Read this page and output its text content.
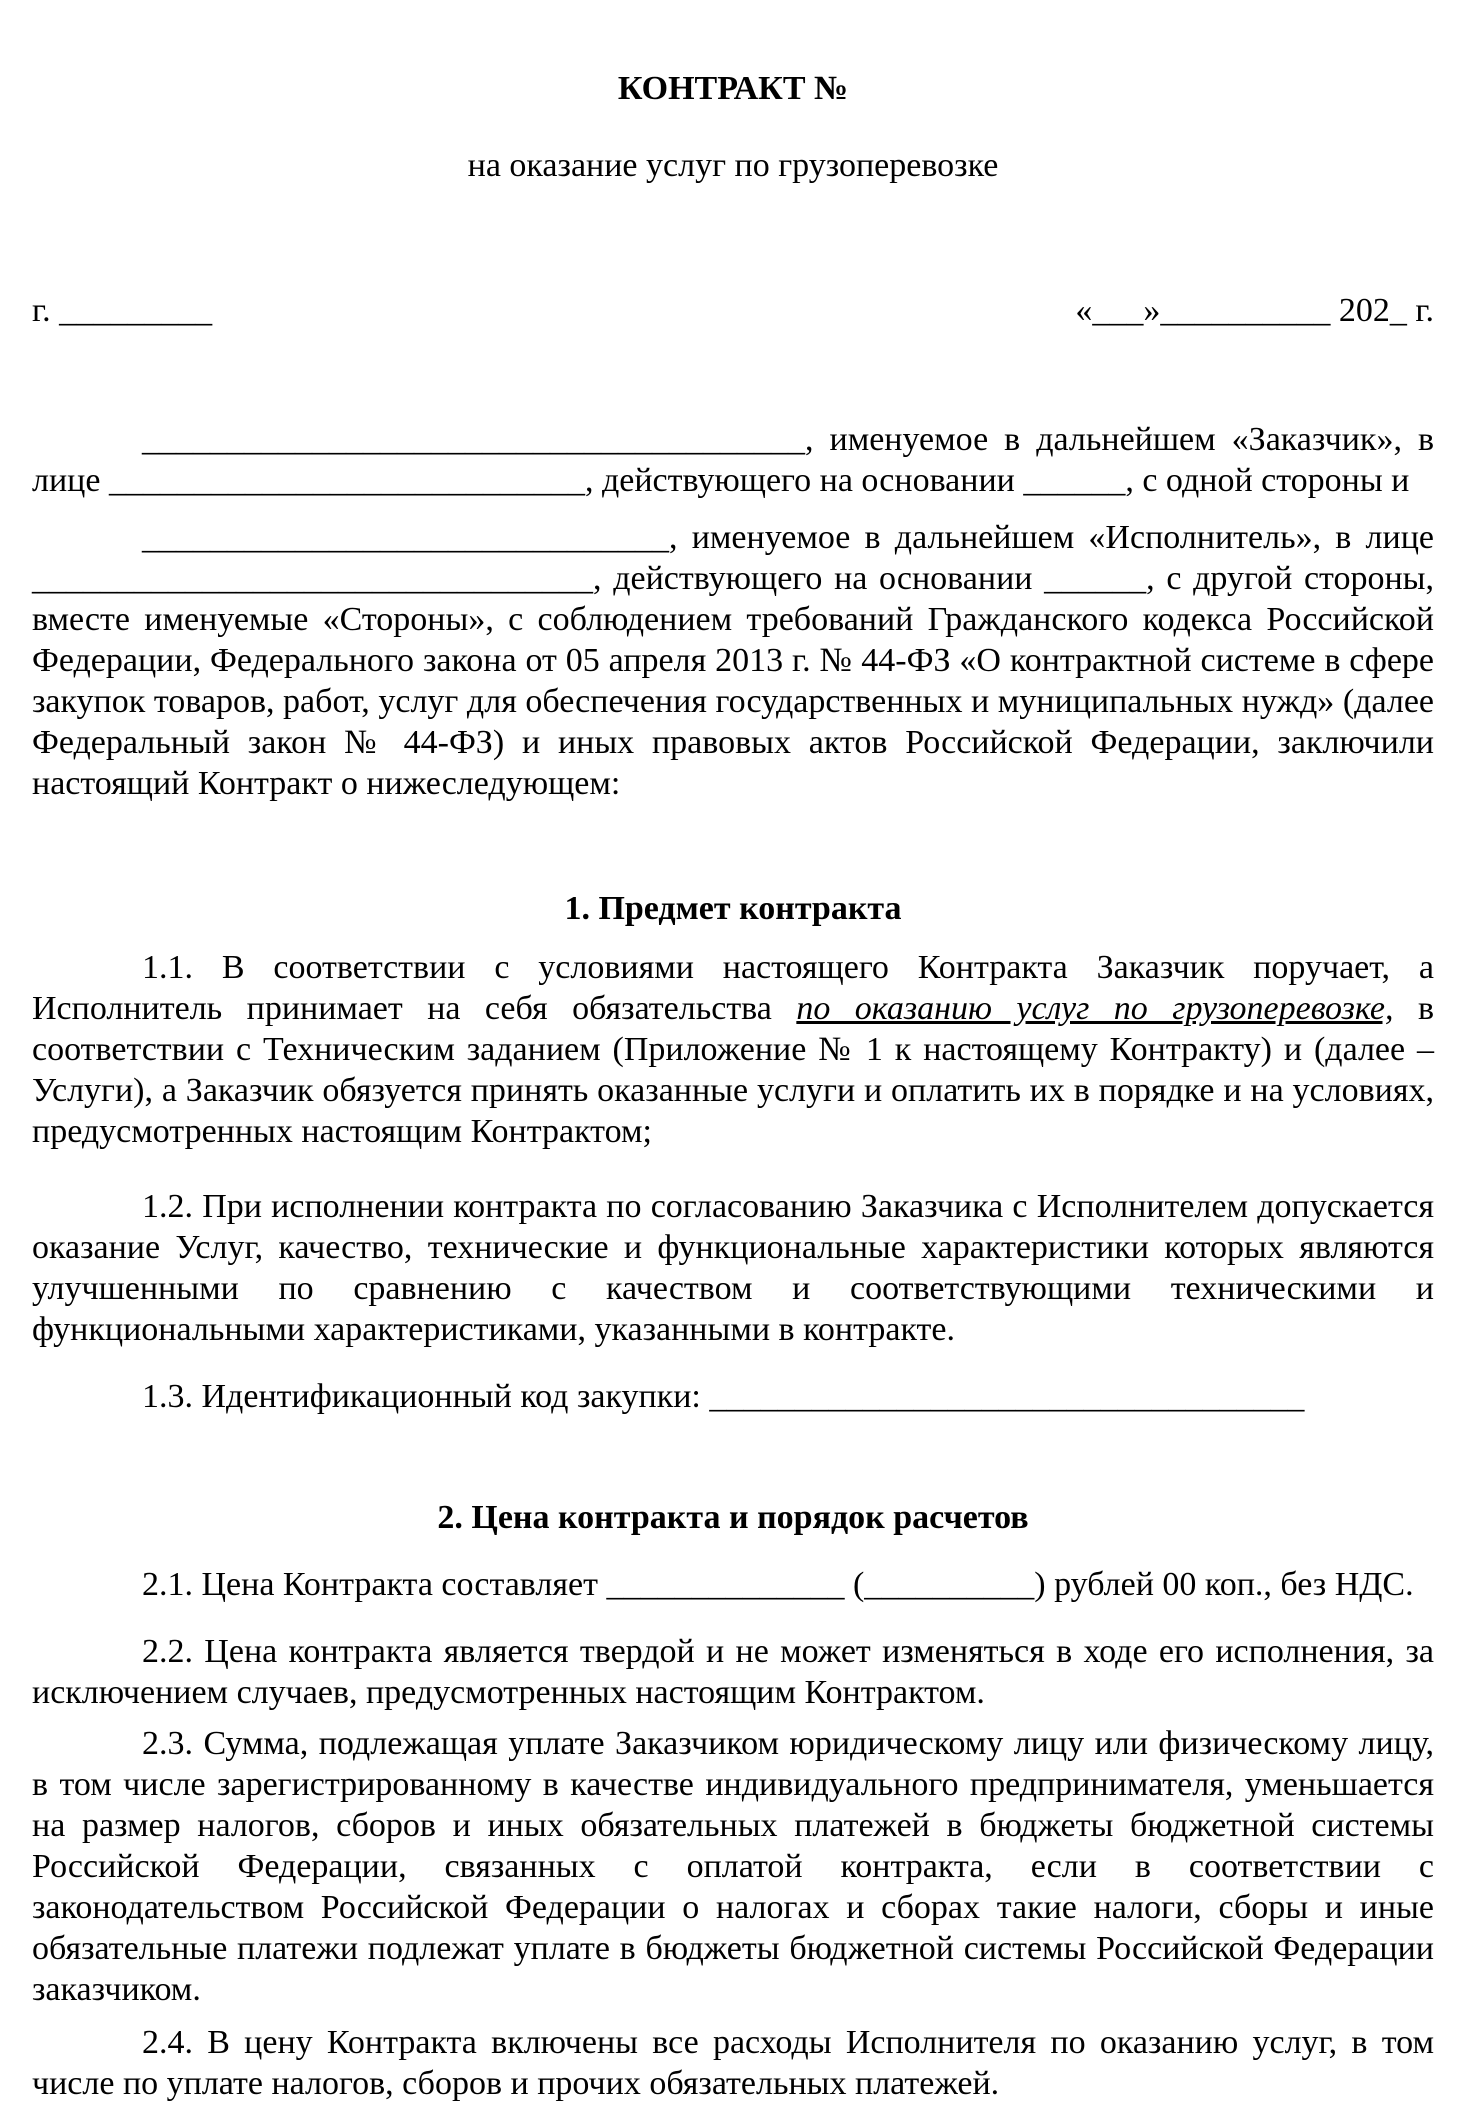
КОНТРАКТ №

на оказание услуг по грузоперевозке

г. _________	«___»__________ 202_ г.

_______________________________________, именуемое в дальнейшем «Заказчик», в лице ____________________________, действующего на основании ______, с одной стороны и

_______________________________, именуемое в дальнейшем «Исполнитель», в лице _________________________________, действующего на основании ______, с другой стороны, вместе именуемые «Стороны», с соблюдением требований Гражданского кодекса Российской Федерации, Федерального закона от 05 апреля 2013 г. № 44-ФЗ «О контрактной системе в сфере закупок товаров, работ, услуг для обеспечения государственных и муниципальных нужд» (далее Федеральный закон № 44-ФЗ) и иных правовых актов Российской Федерации, заключили настоящий Контракт о нижеследующем:

1. Предмет контракта

1.1. В соответствии с условиями настоящего Контракта Заказчик поручает, а Исполнитель принимает на себя обязательства по оказанию услуг по грузоперевозке, в соответствии с Техническим заданием (Приложение № 1 к настоящему Контракту) и (далее – Услуги), а Заказчик обязуется принять оказанные услуги и оплатить их в порядке и на условиях, предусмотренных настоящим Контрактом;

1.2. При исполнении контракта по согласованию Заказчика с Исполнителем допускается оказание Услуг, качество, технические и функциональные характеристики которых являются улучшенными по сравнению с качеством и соответствующими техническими и функциональными характеристиками, указанными в контракте.

1.3. Идентификационный код закупки: ___________________________________

2. Цена контракта и порядок расчетов

2.1. Цена Контракта составляет ______________ (__________) рублей 00 коп., без НДС.

2.2. Цена контракта является твердой и не может изменяться в ходе его исполнения, за исключением случаев, предусмотренных настоящим Контрактом.

2.3. Сумма, подлежащая уплате Заказчиком юридическому лицу или физическому лицу, в том числе зарегистрированному в качестве индивидуального предпринимателя, уменьшается на размер налогов, сборов и иных обязательных платежей в бюджеты бюджетной системы Российской Федерации, связанных с оплатой контракта, если в соответствии с законодательством Российской Федерации о налогах и сборах такие налоги, сборы и иные обязательные платежи подлежат уплате в бюджеты бюджетной системы Российской Федерации заказчиком.

2.4. В цену Контракта включены все расходы Исполнителя по оказанию услуг, в том числе по уплате налогов, сборов и прочих обязательных платежей.
